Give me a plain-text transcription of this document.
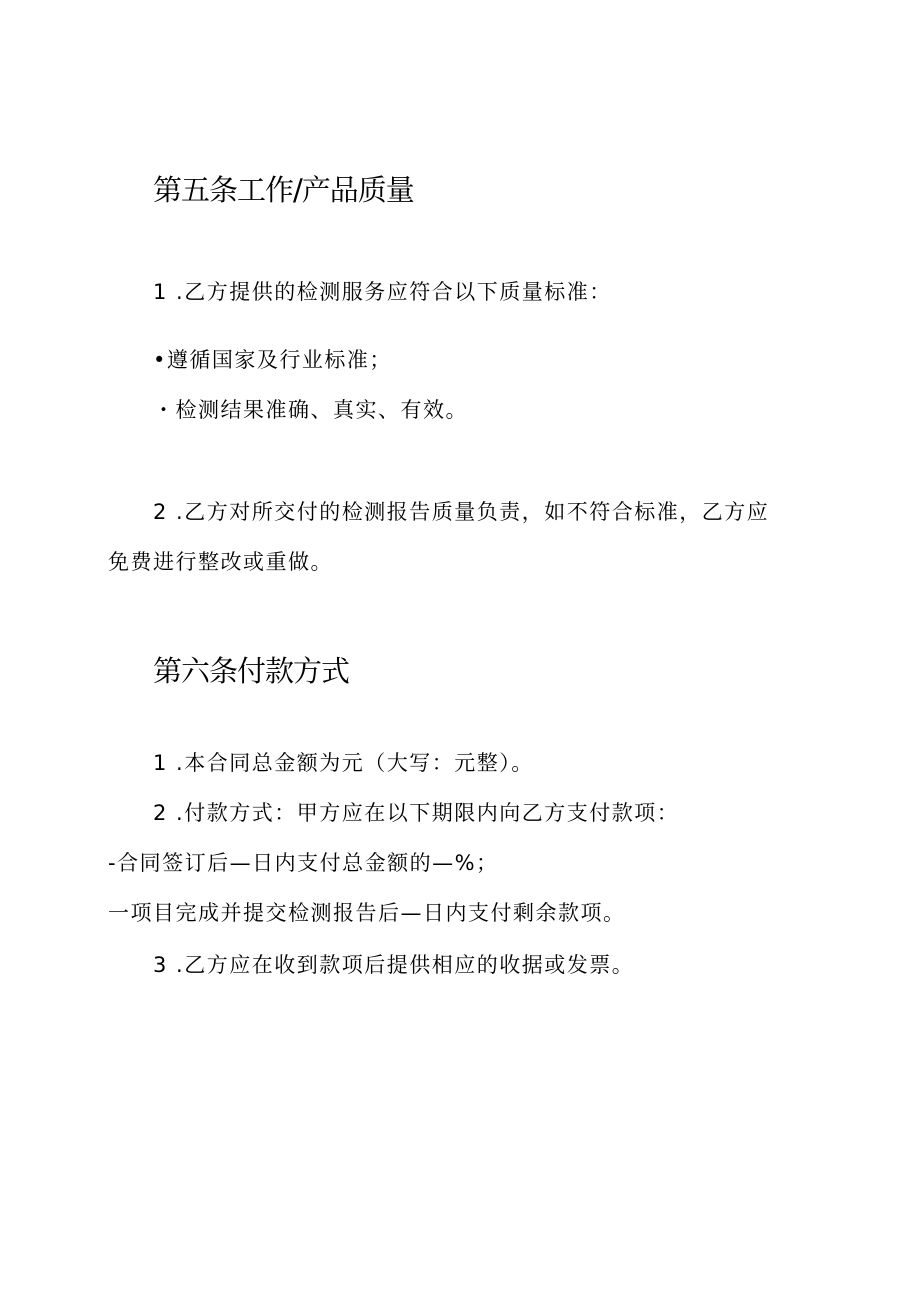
第五条工作/产品质量
1 .乙方提供的检测服务应符合以下质量标准：
•遵循国家及行业标准；
・检测结果准确、真实、有效。
2 .乙方对所交付的检测报告质量负责，如不符合标准，乙方应
免费进行整改或重做。
第六条付款方式
1 .本合同总金额为元（大写：元整）。
2 .付款方式：甲方应在以下期限内向乙方支付款项：
-合同签订后—日内支付总金额的—%；
一项目完成并提交检测报告后—日内支付剩余款项。
3 .乙方应在收到款项后提供相应的收据或发票。
